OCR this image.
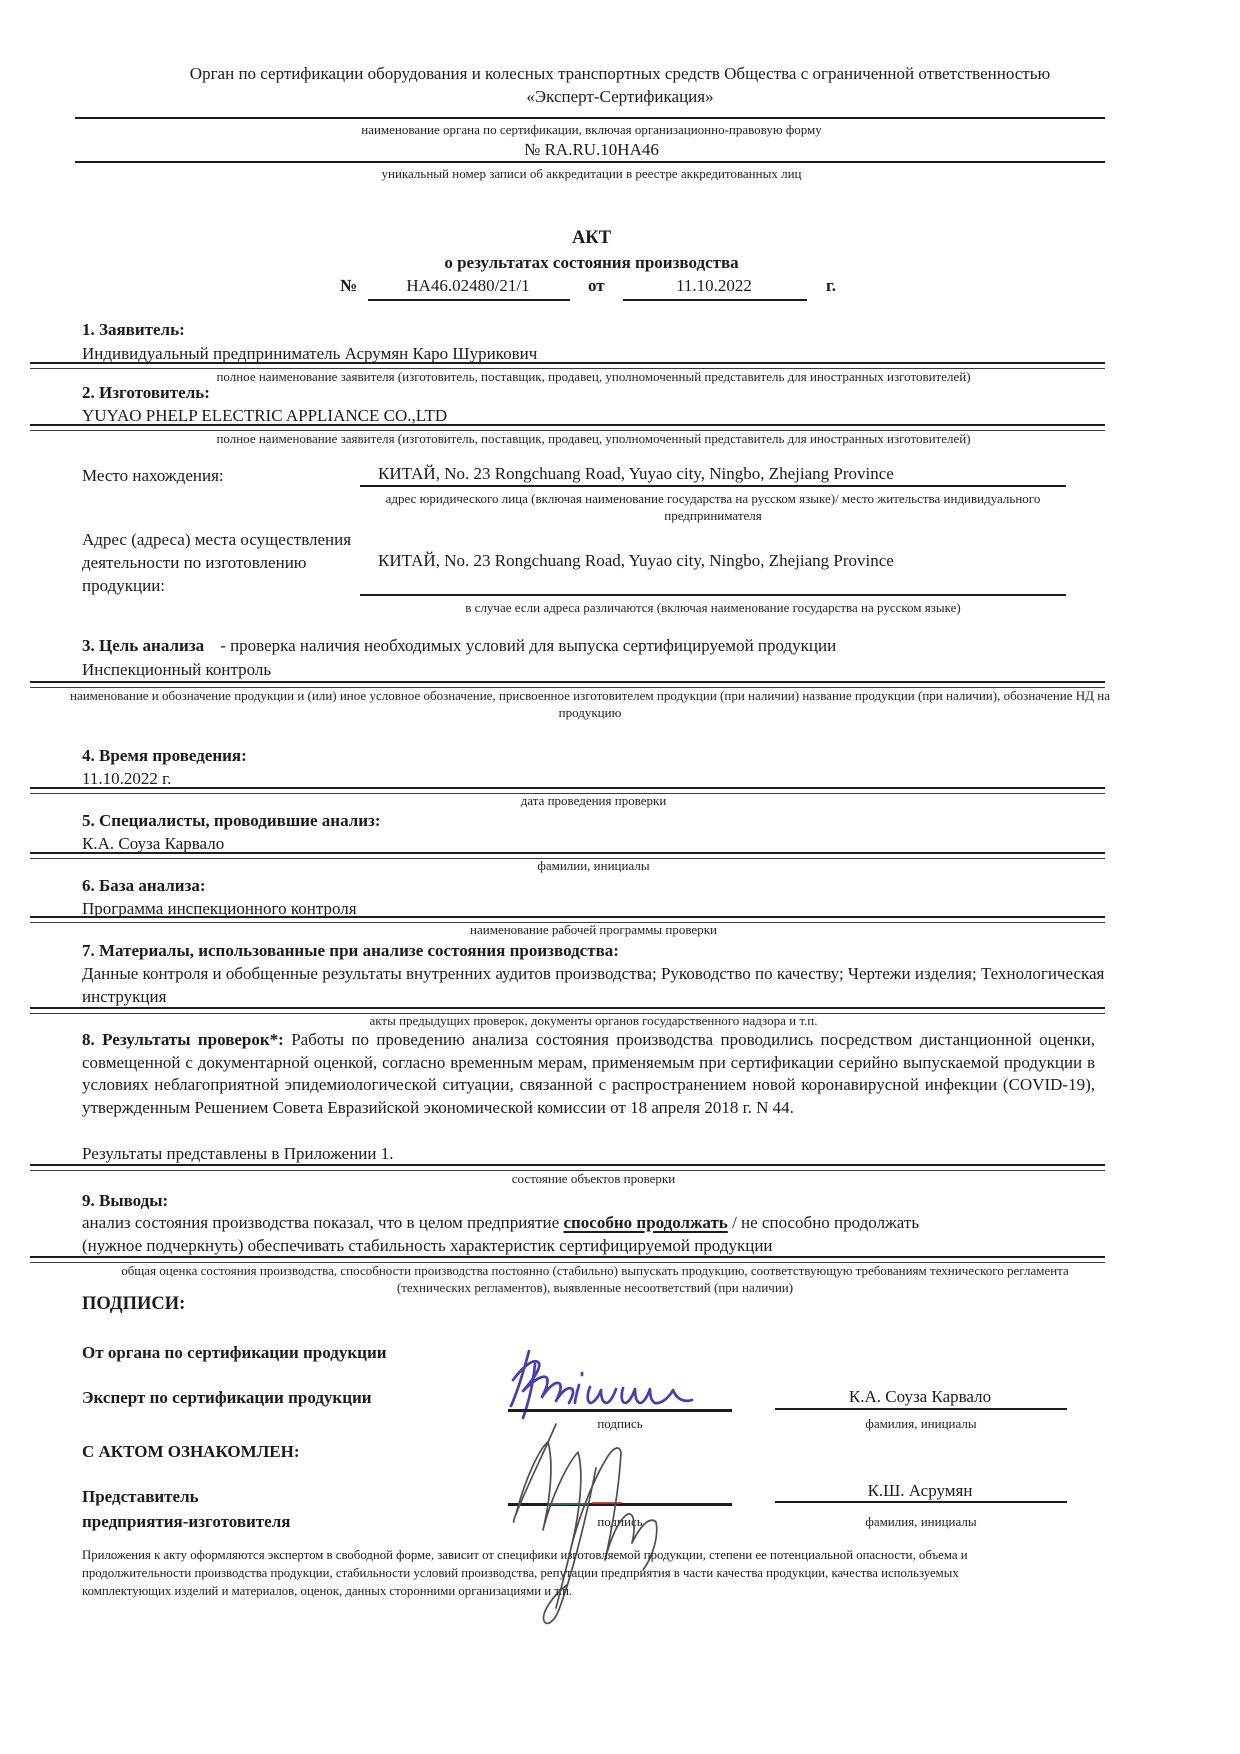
Орган по сертификации оборудования и колесных транспортных средств Общества с ограниченной ответственностью «Эксперт-Сертификация»
наименование органа по сертификации, включая организационно-правовую форму
№ RA.RU.10НА46
уникальный номер записи об аккредитации в реестре аккредитованных лиц
АКТ
о результатах состояния производства
№	НА46.02480/21/1	от	11.10.2022	г.
1. Заявитель:
Индивидуальный предприниматель Асрумян Каро Шурикович
полное наименование заявителя (изготовитель, поставщик, продавец, уполномоченный представитель для иностранных изготовителей)
2. Изготовитель:
YUYAO PHELP ELECTRIC APPLIANCE CO.,LTD
полное наименование заявителя (изготовитель, поставщик, продавец, уполномоченный представитель для иностранных изготовителей)
Место нахождения:	КИТАЙ, No. 23 Rongchuang Road, Yuyao city, Ningbo, Zhejiang Province
адрес юридического лица (включая наименование государства на русском языке)/ место жительства индивидуального предпринимателя
Адрес (адреса) места осуществления деятельности по изготовлению продукции:
КИТАЙ, No. 23 Rongchuang Road, Yuyao city, Ningbo, Zhejiang Province
в случае если адреса различаются (включая наименование государства на русском языке)
3. Цель анализа - проверка наличия необходимых условий для выпуска сертифицируемой продукции
Инспекционный контроль
наименование и обозначение продукции и (или) иное условное обозначение, присвоенное изготовителем продукции (при наличии) название продукции (при наличии), обозначение НД на продукцию
4. Время проведения:
11.10.2022 г.
дата проведения проверки
5. Специалисты, проводившие анализ:
К.А. Соуза Карвало
фамилии, инициалы
6. База анализа:
Программа инспекционного контроля
наименование рабочей программы проверки
7. Материалы, использованные при анализе состояния производства:
Данные контроля и обобщенные результаты внутренних аудитов производства; Руководство по качеству; Чертежи изделия; Технологическая инструкция
акты предыдущих проверок, документы органов государственного надзора и т.п.
8. Результаты проверок*: Работы по проведению анализа состояния производства проводились посредством дистанционной оценки, совмещенной с документарной оценкой, согласно временным мерам, применяемым при сертификации серийно выпускаемой продукции в условиях неблагоприятной эпидемиологической ситуации, связанной с распространением новой коронавирусной инфекции (COVID-19), утвержденным Решением Совета Евразийской экономической комиссии от 18 апреля 2018 г. N 44.
Результаты представлены в Приложении 1.
состояние объектов проверки
9. Выводы:
анализ состояния производства показал, что в целом предприятие способно продолжать / не способно продолжать
(нужное подчеркнуть) обеспечивать стабильность характеристик сертифицируемой продукции
общая оценка состояния производства, способности производства постоянно (стабильно) выпускать продукцию, соответствующую требованиям технического регламента (технических регламентов), выявленные несоответствий (при наличии)
ПОДПИСИ:
От органа по сертификации продукции
Эксперт по сертификации продукции	К.А. Соуза Карвало
подпись	фамилия, инициалы
С АКТОМ ОЗНАКОМЛЕН:
Представитель
предприятия-изготовителя
К.Ш. Асрумян
подпись	фамилия, инициалы
Приложения к акту оформляются экспертом в свободной форме, зависит от специфики изготовляемой продукции, степени ее потенциальной опасности, объема и продолжительности производства продукции, стабильности условий производства, репутации предприятия в части качества продукции, качества используемых комплектующих изделий и материалов, оценок, данных сторонними организациями и т.п.
